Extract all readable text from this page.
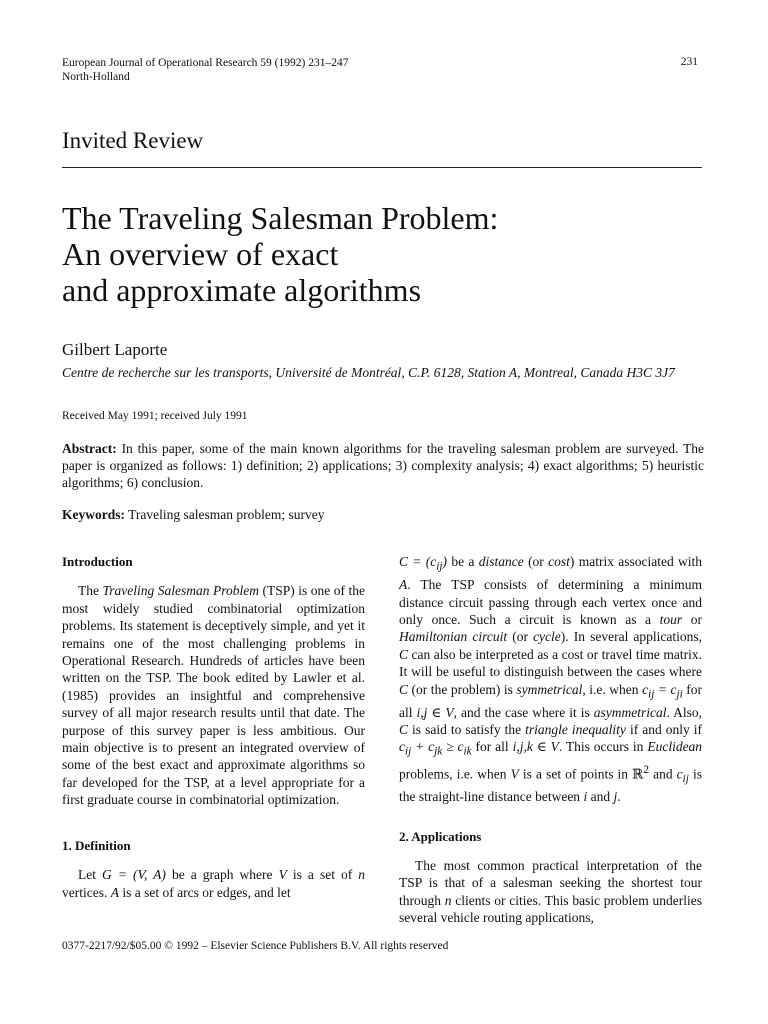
European Journal of Operational Research 59 (1992) 231–247
North-Holland
231
Invited Review
The Traveling Salesman Problem:
An overview of exact
and approximate algorithms
Gilbert Laporte
Centre de recherche sur les transports, Université de Montréal, C.P. 6128, Station A, Montreal, Canada H3C 3J7
Received May 1991; received July 1991
Abstract: In this paper, some of the main known algorithms for the traveling salesman problem are surveyed. The paper is organized as follows: 1) definition; 2) applications; 3) complexity analysis; 4) exact algorithms; 5) heuristic algorithms; 6) conclusion.
Keywords: Traveling salesman problem; survey

Introduction

The Traveling Salesman Problem (TSP) is one of the most widely studied combinatorial optimization problems. Its statement is deceptively simple, and yet it remains one of the most challenging problems in Operational Research. Hundreds of articles have been written on the TSP. The book edited by Lawler et al. (1985) provides an insightful and comprehensive survey of all major research results until that date. The purpose of this survey paper is less ambitious. Our main objective is to present an integrated overview of some of the best exact and approximate algorithms so far developed for the TSP, at a level appropriate for a first graduate course in combinatorial optimization.

1. Definition

Let G = (V, A) be a graph where V is a set of n vertices. A is a set of arcs or edges, and let

$C = (c_{ij})$ be a distance (or cost) matrix associated with A. The TSP consists of determining a minimum distance circuit passing through each vertex once and only once. Such a circuit is known as a tour or Hamiltonian circuit (or cycle). In several applications, C can also be interpreted as a cost or travel time matrix. It will be useful to distinguish between the cases where C (or the problem) is symmetrical, i.e. when $c_{ij} = c_{ji}$ for all i,j ∈ V, and the case where it is asymmetrical. Also, C is said to satisfy the triangle inequality if and only if $c_{ij} + c_{jk} \ge c_{ik}$ for all i,j,k ∈ V. This occurs in Euclidean problems, i.e. when V is a set of points in ℝ$^2$ and $c_{ij}$ is the straight-line distance between i and j.

2. Applications

The most common practical interpretation of the TSP is that of a salesman seeking the shortest tour through n clients or cities. This basic problem underlies several vehicle routing applications,

0377-2217/92/$05.00 © 1992 – Elsevier Science Publishers B.V. All rights reserved
